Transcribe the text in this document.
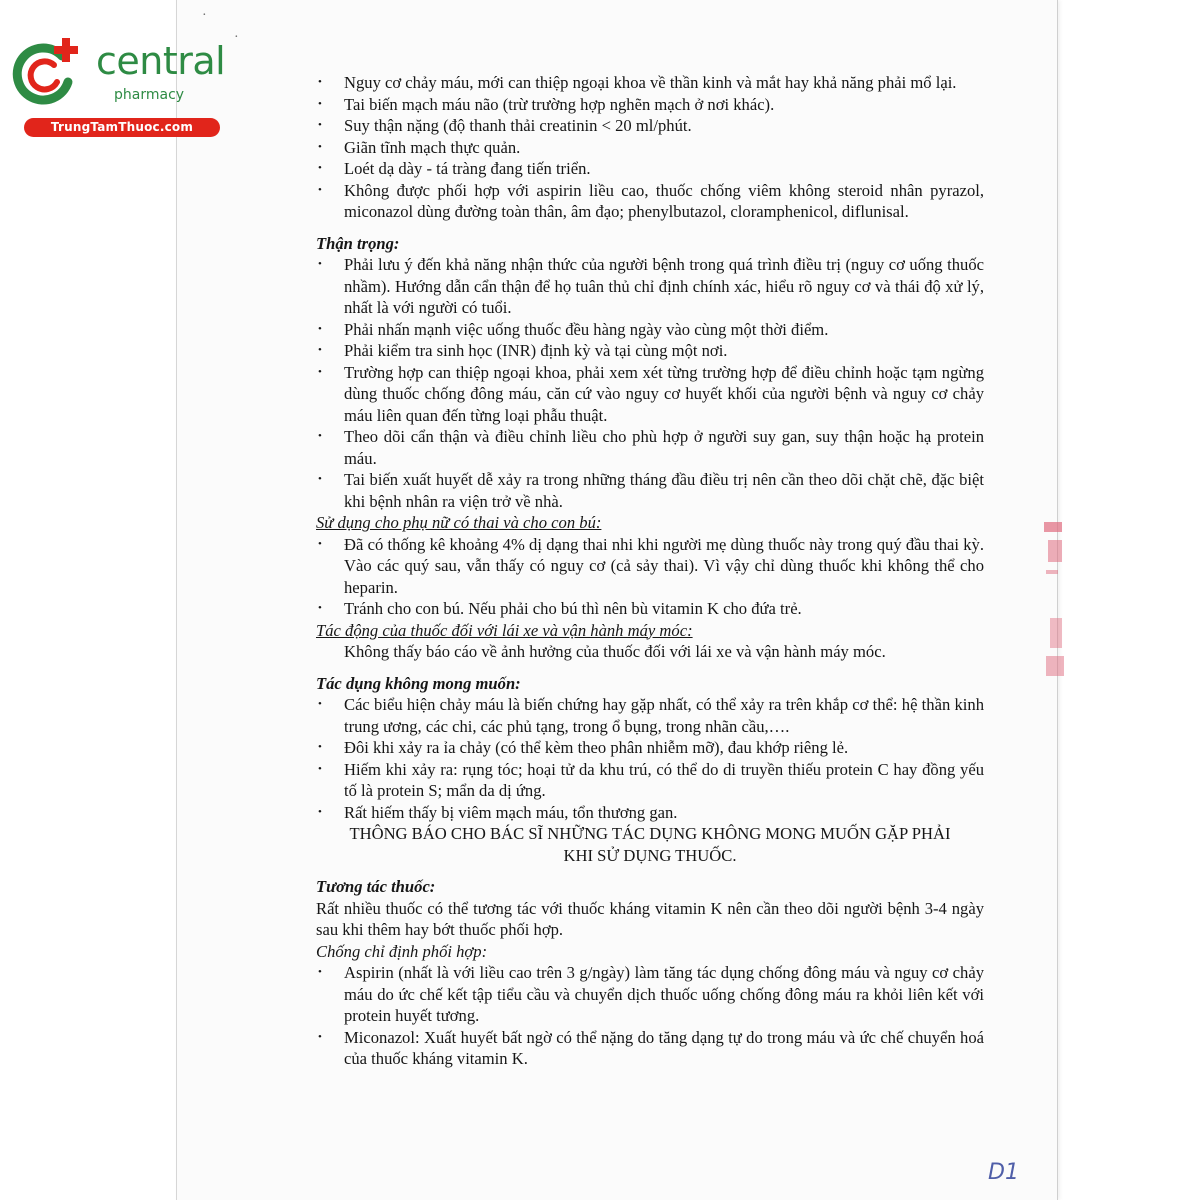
central
pharmacy
TrungTamThuoc.com
·
·
• Nguy cơ chảy máu, mới can thiệp ngoại khoa về thần kinh và mắt hay khả năng phải mổ lại.
• Tai biến mạch máu não (trừ trường hợp nghẽn mạch ở nơi khác).
• Suy thận nặng (độ thanh thải creatinin < 20 ml/phút.
• Giãn tĩnh mạch thực quản.
• Loét dạ dày - tá tràng đang tiến triển.
• Không được phối hợp với aspirin liều cao, thuốc chống viêm không steroid nhân pyrazol, miconazol dùng đường toàn thân, âm đạo; phenylbutazol, cloramphenicol, diflunisal.
Thận trọng:
• Phải lưu ý đến khả năng nhận thức của người bệnh trong quá trình điều trị (nguy cơ uống thuốc nhầm). Hướng dẫn cẩn thận để họ tuân thủ chỉ định chính xác, hiểu rõ nguy cơ và thái độ xử lý, nhất là với người có tuổi.
• Phải nhấn mạnh việc uống thuốc đều hàng ngày vào cùng một thời điểm.
• Phải kiểm tra sinh học (INR) định kỳ và tại cùng một nơi.
• Trường hợp can thiệp ngoại khoa, phải xem xét từng trường hợp để điều chỉnh hoặc tạm ngừng dùng thuốc chống đông máu, căn cứ vào nguy cơ huyết khối của người bệnh và nguy cơ chảy máu liên quan đến từng loại phẫu thuật.
• Theo dõi cẩn thận và điều chỉnh liều cho phù hợp ở người suy gan, suy thận hoặc hạ protein máu.
• Tai biến xuất huyết dễ xảy ra trong những tháng đầu điều trị nên cần theo dõi chặt chẽ, đặc biệt khi bệnh nhân ra viện trở về nhà.
Sử dụng cho phụ nữ có thai và cho con bú:
• Đã có thống kê khoảng 4% dị dạng thai nhi khi người mẹ dùng thuốc này trong quý đầu thai kỳ. Vào các quý sau, vẫn thấy có nguy cơ (cả sảy thai). Vì vậy chỉ dùng thuốc khi không thể cho heparin.
• Tránh cho con bú. Nếu phải cho bú thì nên bù vitamin K cho đứa trẻ.
Tác động của thuốc đối với lái xe và vận hành máy móc:
Không thấy báo cáo về ảnh hưởng của thuốc đối với lái xe và vận hành máy móc.
Tác dụng không mong muốn:
• Các biểu hiện chảy máu là biến chứng hay gặp nhất, có thể xảy ra trên khắp cơ thể: hệ thần kinh trung ương, các chi, các phủ tạng, trong ổ bụng, trong nhãn cầu,….
• Đôi khi xảy ra ỉa chảy (có thể kèm theo phân nhiễm mỡ), đau khớp riêng lẻ.
• Hiếm khi xảy ra: rụng tóc; hoại tử da khu trú, có thể do di truyền thiếu protein C hay đồng yếu tố là protein S; mẩn da dị ứng.
• Rất hiếm thấy bị viêm mạch máu, tổn thương gan.
THÔNG BÁO CHO BÁC SĨ NHỮNG TÁC DỤNG KHÔNG MONG MUỐN GẶP PHẢI
KHI SỬ DỤNG THUỐC.
Tương tác thuốc:
Rất nhiều thuốc có thể tương tác với thuốc kháng vitamin K nên cần theo dõi người bệnh 3-4 ngày sau khi thêm hay bớt thuốc phối hợp.
Chống chỉ định phối hợp:
• Aspirin (nhất là với liều cao trên 3 g/ngày) làm tăng tác dụng chống đông máu và nguy cơ chảy máu do ức chế kết tập tiểu cầu và chuyển dịch thuốc uống chống đông máu ra khỏi liên kết với protein huyết tương.
• Miconazol: Xuất huyết bất ngờ có thể nặng do tăng dạng tự do trong máu và ức chế chuyển hoá của thuốc kháng vitamin K.
D1
